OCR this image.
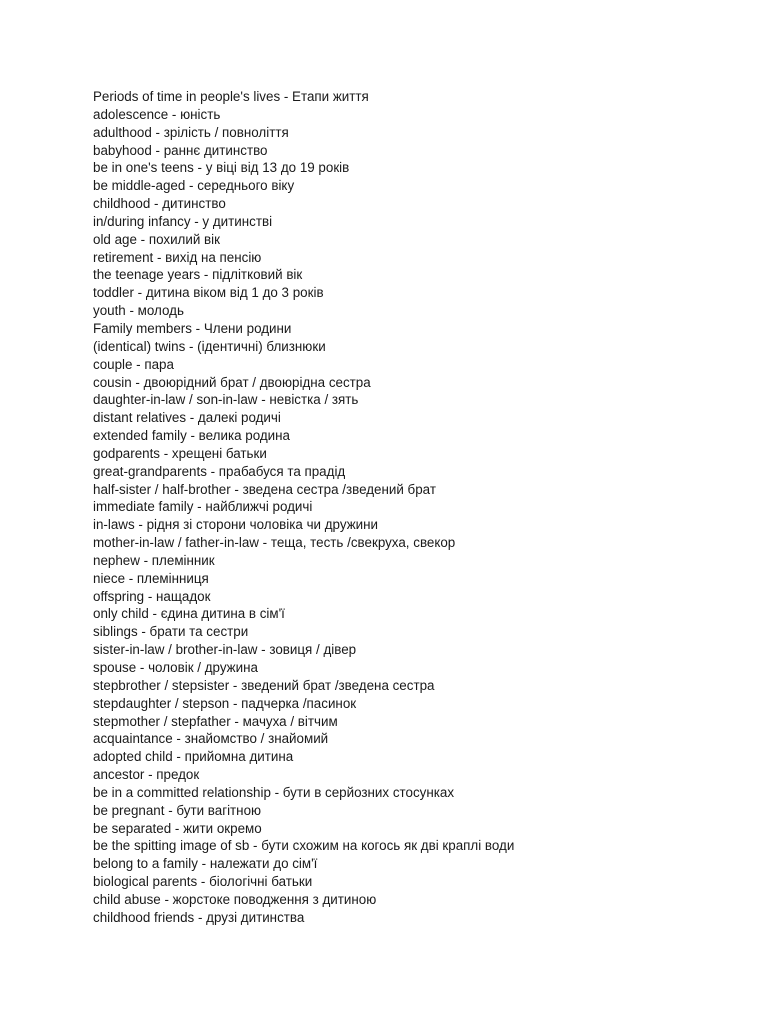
Periods of time in people's lives - Етапи життя
adolescence - юність
adulthood - зрілість / повноліття
babyhood - раннє дитинство
be in one's teens - у віці від 13 до 19 років
be middle-aged - середнього віку
childhood - дитинство
in/during infancy - у дитинстві
old age - похилий вік
retirement - вихід на пенсію
the teenage years - підлітковий вік
toddler - дитина віком від 1 до 3 років
youth - молодь
Family members - Члени родини
(identical) twins - (ідентичні) близнюки
couple - пара
cousin - двоюрідний брат / двоюрідна сестра
daughter-in-law / son-in-law - невістка / зять
distant relatives - далекі родичі
extended family - велика родина
godparents - хрещені батьки
great-grandparents - прабабуся та прадід
half-sister / half-brother - зведена сестра /зведений брат
immediate family - найближчі родичі
in-laws - рідня зі сторони чоловіка чи дружини
mother-in-law / father-in-law - теща, тесть /свекруха, свекор
nephew - племінник
niece - племінниця
offspring - нащадок
only child - єдина дитина в сім'ї
siblings - брати та сестри
sister-in-law / brother-in-law - зовиця / дівер
spouse - чоловік / дружина
stepbrother / stepsister - зведений брат /зведена сестра
stepdaughter / stepson - падчерка /пасинок
stepmother / stepfather - мачуха / вітчим
acquaintance - знайомство / знайомий
adopted child - прийомна дитина
ancestor - предок
be in a committed relationship - бути в серйозних стосунках
be pregnant - бути вагітною
be separated - жити окремо
be the spitting image of sb - бути схожим на когось як дві краплі води
belong to a family - належати до сім'ї
biological parents - біологічні батьки
child abuse - жорстоке поводження з дитиною
childhood friends - друзі дитинства
